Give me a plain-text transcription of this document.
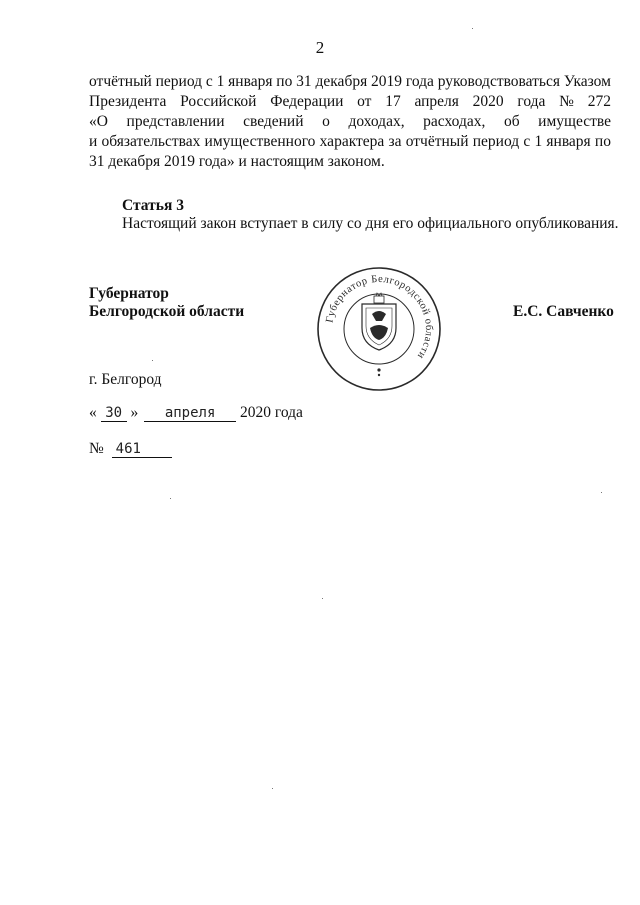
2
отчётный период с 1 января по 31 декабря 2019 года руководствоваться Указом
Президента Российской Федерации от 17 апреля 2020 года № 272
«О представлении сведений о доходах, расходах, об имуществе
и обязательствах имущественного характера за отчётный период с 1 января по
31 декабря 2019 года» и настоящим законом.
Статья 3
Настоящий закон вступает в силу со дня его официального опубликования.
Губернатор
Белгородской области	Губернатор Белгородской области
Е.С. Савченко
г. Белгород
« 30 » апреля 2020 года
№ 461
